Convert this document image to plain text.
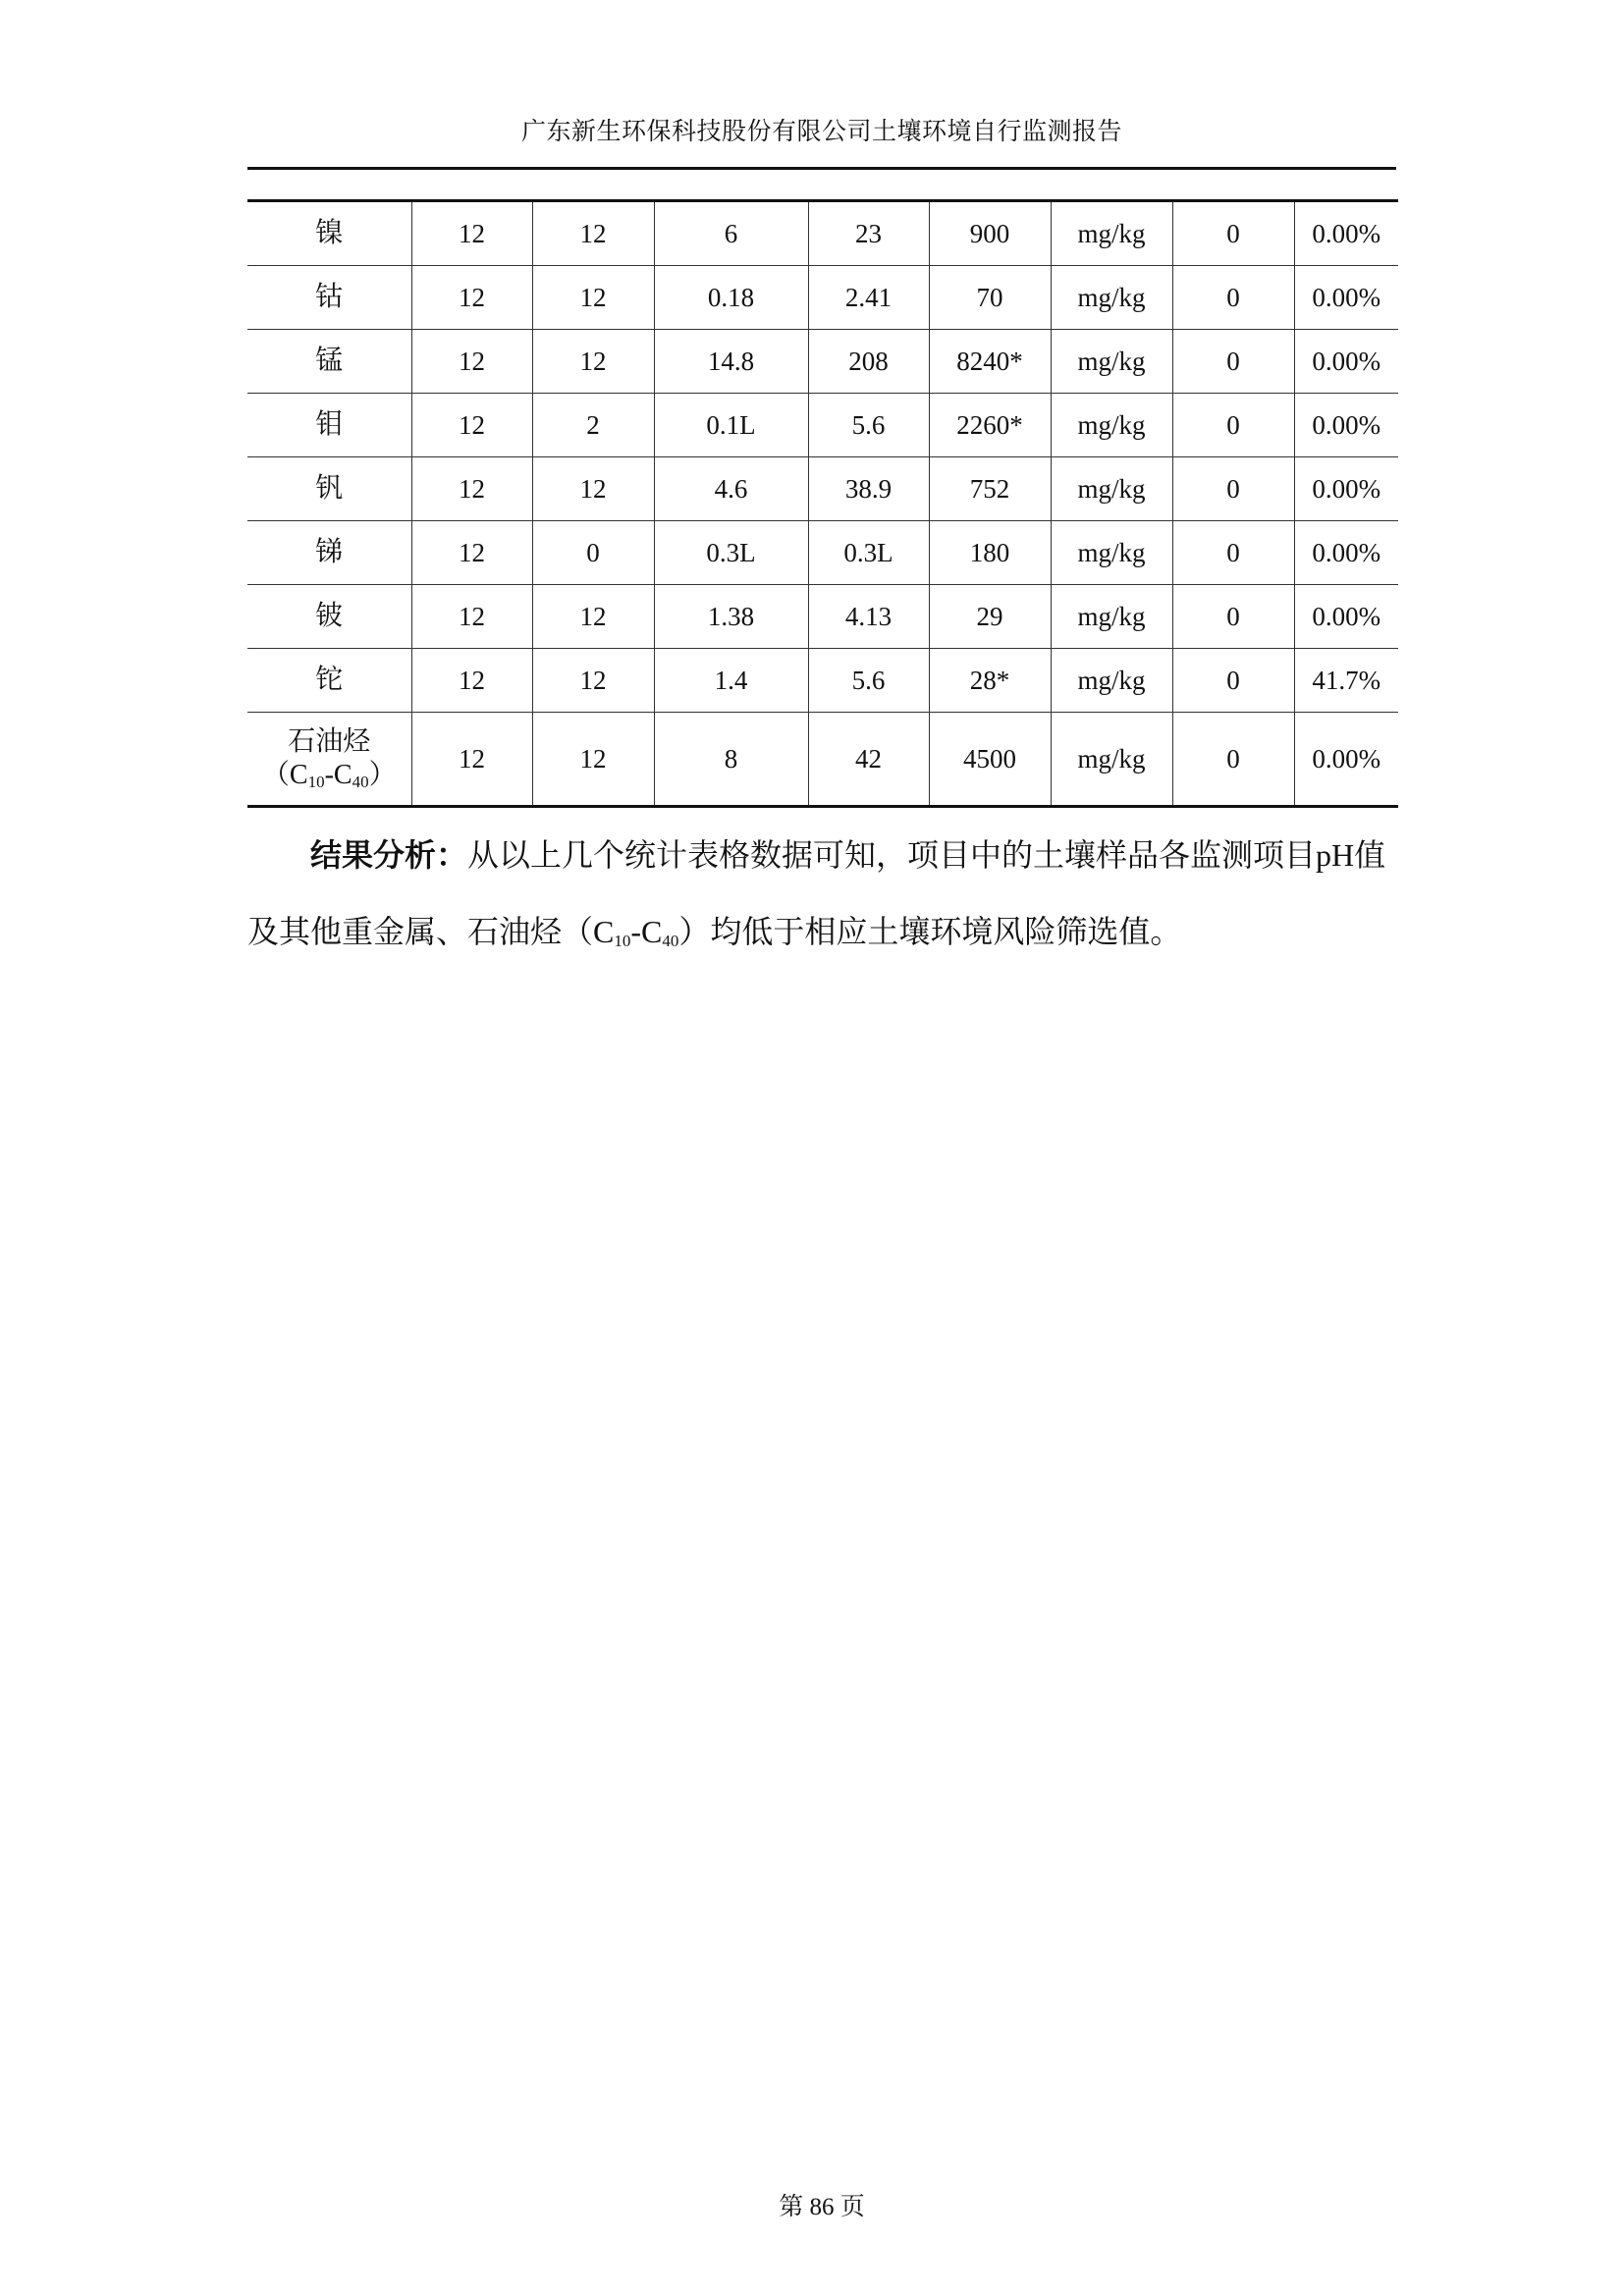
广东新生环保科技股份有限公司土壤环境自行监测报告
镍	12	12	6	23	900	mg/kg	0	0.00%
钴	12	12	0.18	2.41	70	mg/kg	0	0.00%
锰	12	12	14.8	208	8240*	mg/kg	0	0.00%
钼	12	2	0.1L	5.6	2260*	mg/kg	0	0.00%
钒	12	12	4.6	38.9	752	mg/kg	0	0.00%
锑	12	0	0.3L	0.3L	180	mg/kg	0	0.00%
铍	12	12	1.38	4.13	29	mg/kg	0	0.00%
铊	12	12	1.4	5.6	28*	mg/kg	0	41.7%

石油烃
$(C_{10}-C_{40})$	12	12	8	42	4500	mg/kg	0	0.00%
结果分析：从以上几个统计表格数据可知，项目中的土壤样品各监测项目pH值及其他重金属、石油烃$(C_{10}-C_{40})$均低于相应土壤环境风险筛选值。
第 86 页
